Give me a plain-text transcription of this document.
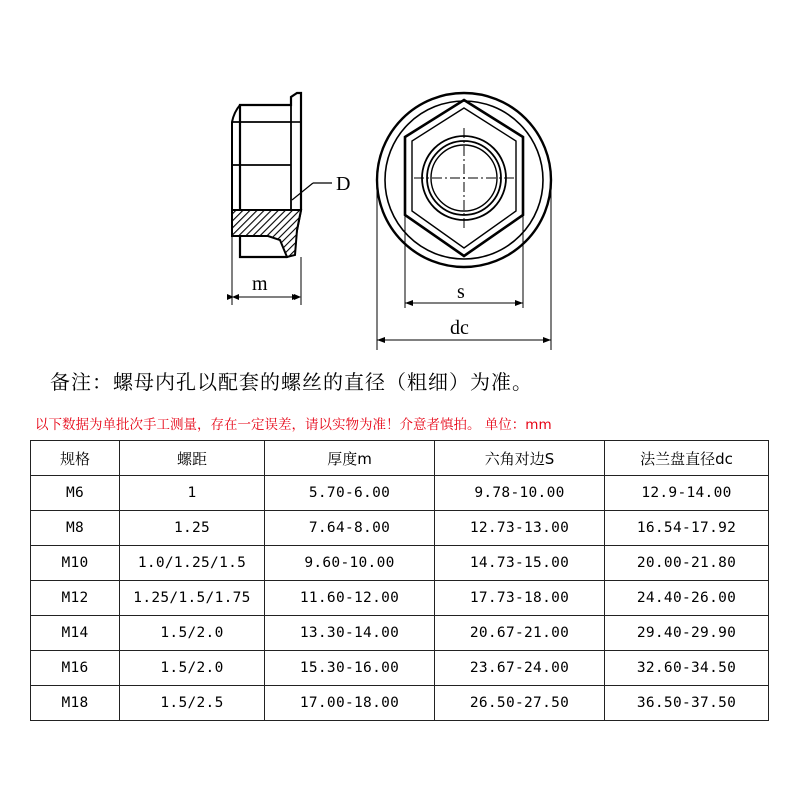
D
m	s
dc
备注：螺母内孔以配套的螺丝的直径（粗细）为准。
以下数据为单批次手工测量，存在一定误差，请以实物为准！介意者慎拍。 单位：mm
规格	螺距	厚度m	六角对边S	法兰盘直径dc
M6	1	5.70-6.00	9.78-10.00	12.9-14.00
M8	1.25	7.64-8.00	12.73-13.00	16.54-17.92
M10	1.0/1.25/1.5	9.60-10.00	14.73-15.00	20.00-21.80
M12	1.25/1.5/1.75	11.60-12.00	17.73-18.00	24.40-26.00
M14	1.5/2.0	13.30-14.00	20.67-21.00	29.40-29.90
M16	1.5/2.0	15.30-16.00	23.67-24.00	32.60-34.50
M18	1.5/2.5	17.00-18.00	26.50-27.50	36.50-37.50
